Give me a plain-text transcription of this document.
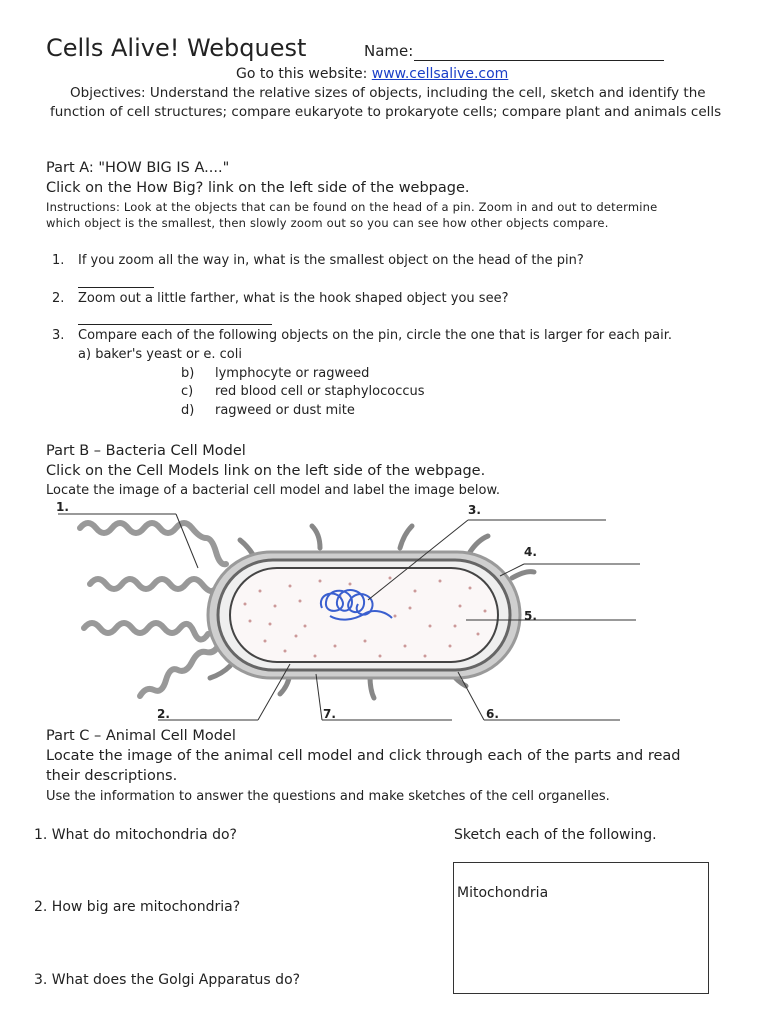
Cells Alive! Webquest	Name:
Go to this website: www.cellsalive.com
Objectives: Understand the relative sizes of objects, including the cell, sketch and identify the function of cell structures; compare eukaryote to prokaryote cells; compare plant and animals cells
Part A: "HOW BIG IS A...."
Click on the How Big? link on the left side of the webpage.
Instructions: Look at the objects that can be found on the head of a pin. Zoom in and out to determine
which object is the smallest, then slowly zoom out so you can see how other objects compare.
1. If you zoom all the way in, what is the smallest object on the head of the pin?
2. Zoom out a little farther, what is the hook shaped object you see?
3. Compare each of the following objects on the pin, circle the one that is larger for each pair.
a) baker's yeast or e. coli
b) lymphocyte or ragweed
c) red blood cell or staphylococcus
d) ragweed or dust mite
Part B – Bacteria Cell Model
Click on the Cell Models link on the left side of the webpage.
Locate the image of a bacterial cell model and label the image below.
1.	3.
4.
5.
2.	7.	6.
Part C – Animal Cell Model
Locate the image of the animal cell model and click through each of the parts and read
their descriptions.
Use the information to answer the questions and make sketches of the cell organelles.
1. What do mitochondria do?
2. How big are mitochondria?
3. What does the Golgi Apparatus do?
Sketch each of the following.
Mitochondria
